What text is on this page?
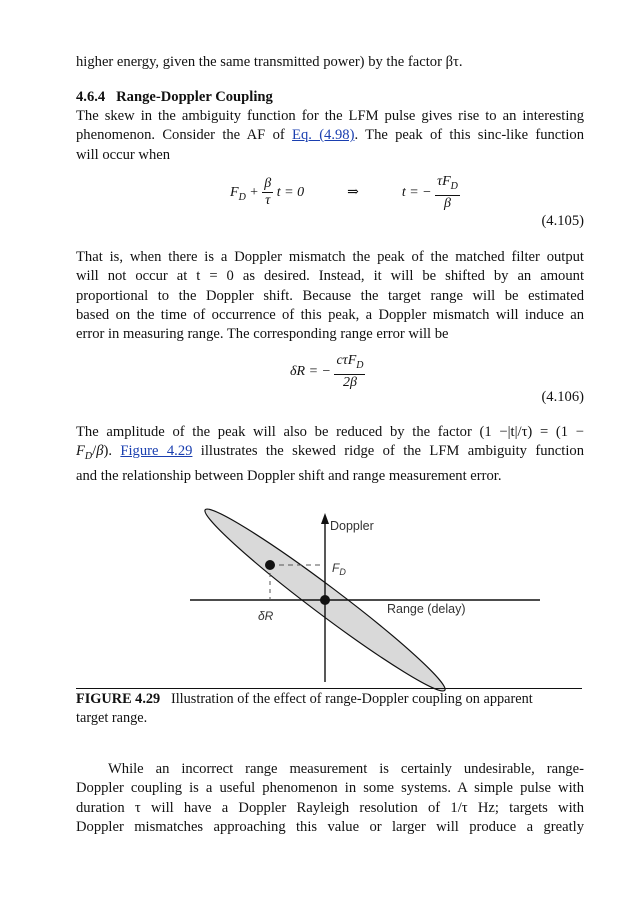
higher energy, given the same transmitted power) by the factor βτ.
4.6.4 Range-Doppler Coupling
The skew in the ambiguity function for the LFM pulse gives rise to an interesting
phenomenon. Consider the AF of Eq. (4.98). The peak of this sinc-like function
will occur when
$F_D + \frac{\beta}{\tau}$ t = 0	⇒	t = − $\frac{\tau F_D}{\beta}$
(4.105)
That is, when there is a Doppler mismatch the peak of the matched filter output
will not occur at t = 0 as desired. Instead, it will be shifted by an amount
proportional to the Doppler shift. Because the target range will be estimated
based on the time of occurrence of this peak, a Doppler mismatch will induce an
error in measuring range. The corresponding range error will be
δR = − $\frac{c\tau F_D}{2\beta}$
(4.106)
The amplitude of the peak will also be reduced by the factor (1 −|t|/τ) = (1 −
$F_D/\beta$). Figure 4.29 illustrates the skewed ridge of the LFM ambiguity function
and the relationship between Doppler shift and range measurement error.
Doppler
Range (delay)
$F_D$
δR
FIGURE 4.29 Illustration of the effect of range-Doppler coupling on apparent
target range.
While an incorrect range measurement is certainly undesirable, range-
Doppler coupling is a useful phenomenon in some systems. A simple pulse with
duration τ will have a Doppler Rayleigh resolution of 1/τ Hz; targets with
Doppler mismatches approaching this value or larger will produce a greatly
